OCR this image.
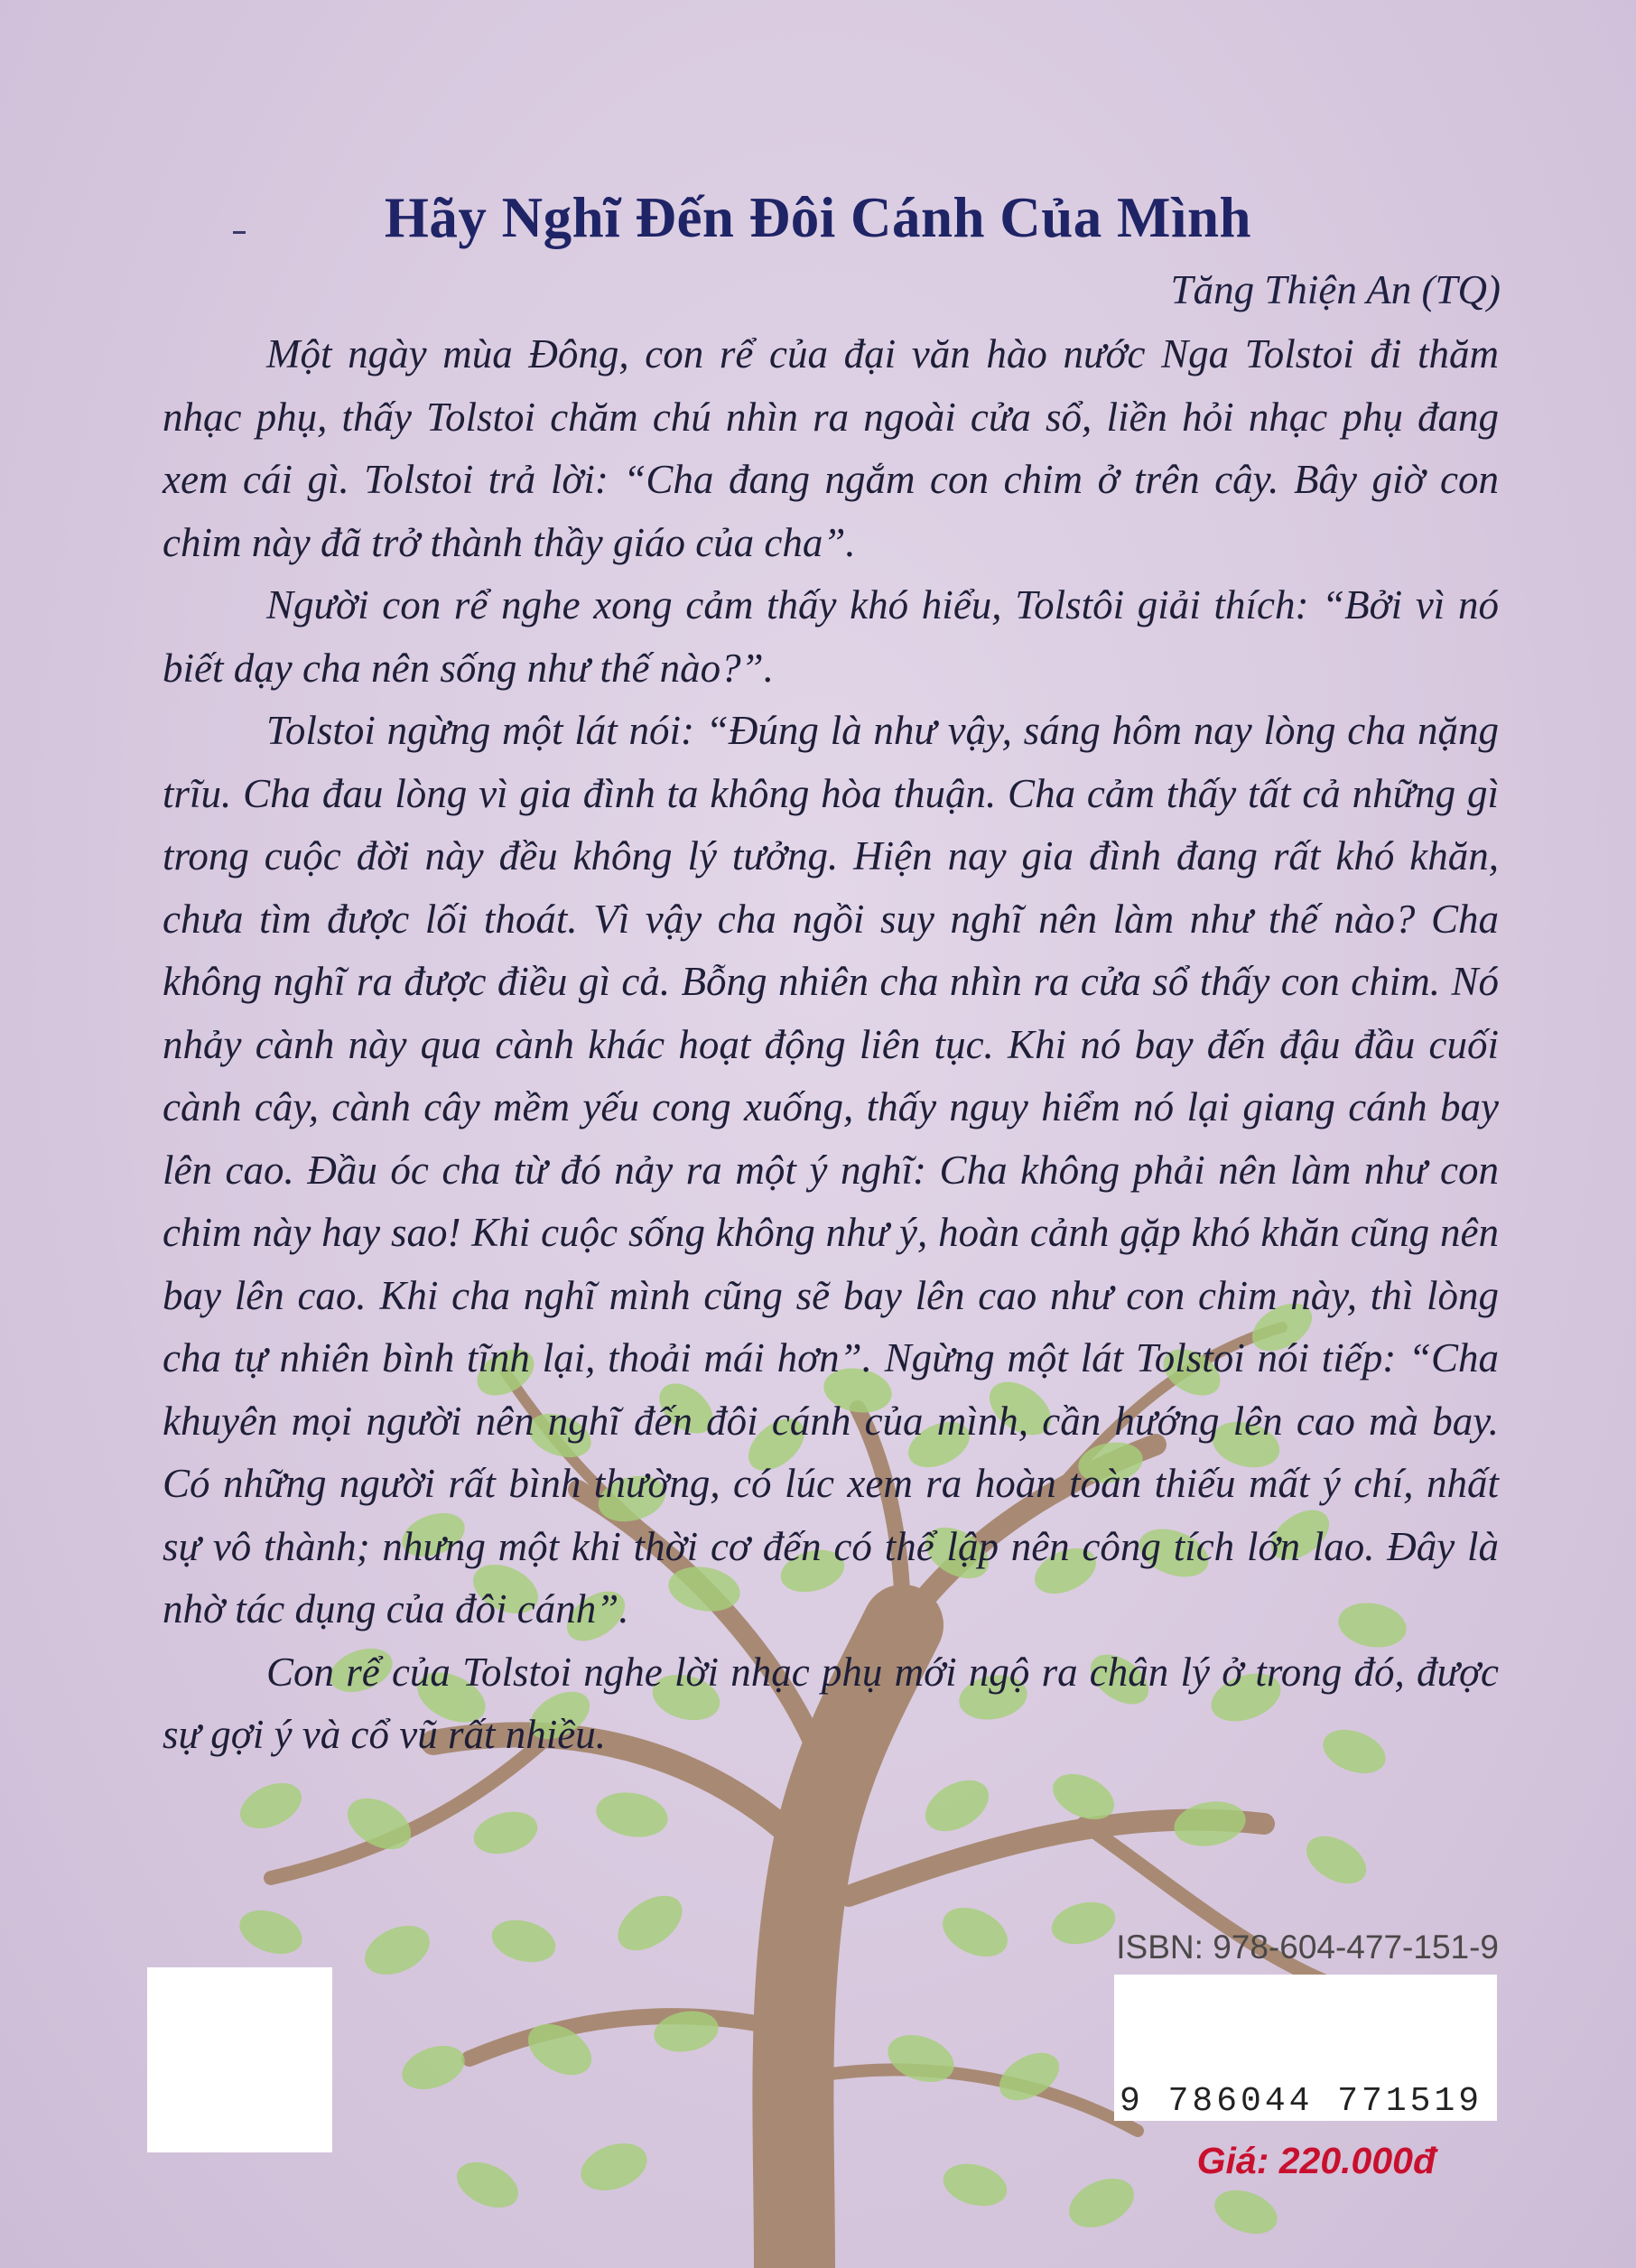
Hãy Nghĩ Đến Đôi Cánh Của Mình

Tăng Thiện An (TQ)

Một ngày mùa Đông, con rể của đại văn hào nước Nga Tolstoi đi thăm nhạc phụ, thấy Tolstoi chăm chú nhìn ra ngoài cửa sổ, liền hỏi nhạc phụ đang xem cái gì. Tolstoi trả lời: “Cha đang ngắm con chim ở trên cây. Bây giờ con chim này đã trở thành thầy giáo của cha”.

Người con rể nghe xong cảm thấy khó hiểu, Tolstôi giải thích: “Bởi vì nó biết dạy cha nên sống như thế nào?”.

Tolstoi ngừng một lát nói: “Đúng là như vậy, sáng hôm nay lòng cha nặng trĩu. Cha đau lòng vì gia đình ta không hòa thuận. Cha cảm thấy tất cả những gì trong cuộc đời này đều không lý tưởng. Hiện nay gia đình đang rất khó khăn, chưa tìm được lối thoát. Vì vậy cha ngồi suy nghĩ nên làm như thế nào? Cha không nghĩ ra được điều gì cả. Bỗng nhiên cha nhìn ra cửa sổ thấy con chim. Nó nhảy cành này qua cành khác hoạt động liên tục. Khi nó bay đến đậu đầu cuối cành cây, cành cây mềm yếu cong xuống, thấy nguy hiểm nó lại giang cánh bay lên cao. Đầu óc cha từ đó nảy ra một ý nghĩ: Cha không phải nên làm như con chim này hay sao! Khi cuộc sống không như ý, hoàn cảnh gặp khó khăn cũng nên bay lên cao. Khi cha nghĩ mình cũng sẽ bay lên cao như con chim này, thì lòng cha tự nhiên bình tĩnh lại, thoải mái hơn”. Ngừng một lát Tolstoi nói tiếp: “Cha khuyên mọi người nên nghĩ đến đôi cánh của mình, cần hướng lên cao mà bay. Có những người rất bình thường, có lúc xem ra hoàn toàn thiếu mất ý chí, nhất sự vô thành; nhưng một khi thời cơ đến có thể lập nên công tích lớn lao. Đây là nhờ tác dụng của đôi cánh”.

Con rể của Tolstoi nghe lời nhạc phụ mới ngộ ra chân lý ở trong đó, được sự gợi ý và cổ vũ rất nhiều.

ISBN: 978-604-477-151-9

9 786044 771519

Giá: 220.000đ
